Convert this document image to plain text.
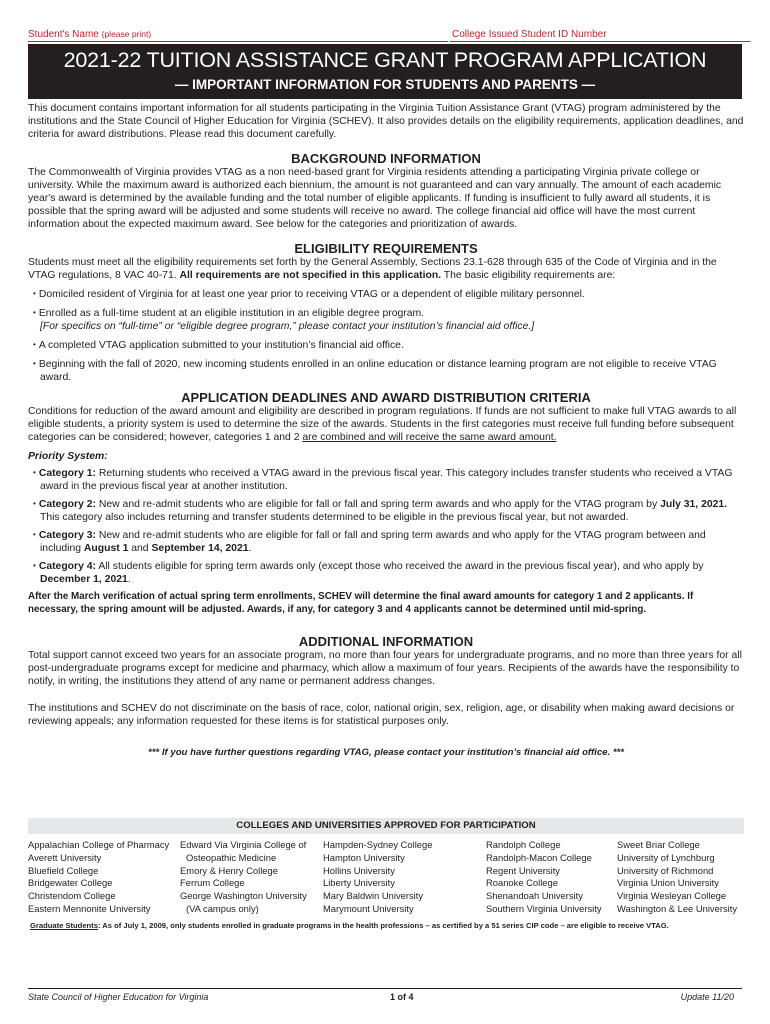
Student's Name (please print)	College Issued Student ID Number
2021-22 TUITION ASSISTANCE GRANT PROGRAM APPLICATION
— IMPORTANT INFORMATION FOR STUDENTS AND PARENTS —

This document contains important information for all students participating in the Virginia Tuition Assistance Grant (VTAG) program administered by the institutions and the State Council of Higher Education for Virginia (SCHEV). It also provides details on the eligibility requirements, application deadlines, and criteria for award distributions. Please read this document carefully.

BACKGROUND INFORMATION

The Commonwealth of Virginia provides VTAG as a non need-based grant for Virginia residents attending a participating Virginia private college or university. While the maximum award is authorized each biennium, the amount is not guaranteed and can vary annually. The amount of each academic year's award is determined by the available funding and the total number of eligible applicants. If funding is insufficient to fully award all students, it is possible that the spring award will be adjusted and some students will receive no award. The college financial aid office will have the most current information about the expected maximum award. See below for the categories and prioritization of awards.

ELIGIBILITY REQUIREMENTS

Students must meet all the eligibility requirements set forth by the General Assembly, Sections 23.1-628 through 635 of the Code of Virginia and in the VTAG regulations, 8 VAC 40-71. All requirements are not specified in this application. The basic eligibility requirements are:

• Domiciled resident of Virginia for at least one year prior to receiving VTAG or a dependent of eligible military personnel.

• Enrolled as a full-time student at an eligible institution in an eligible degree program.

[For specifics on “full-time” or “eligible degree program,” please contact your institution’s financial aid office.]

• A completed VTAG application submitted to your institution’s financial aid office.

• Beginning with the fall of 2020, new incoming students enrolled in an online education or distance learning program are not eligible to receive VTAG award.

APPLICATION DEADLINES AND AWARD DISTRIBUTION CRITERIA

Conditions for reduction of the award amount and eligibility are described in program regulations. If funds are not sufficient to make full VTAG awards to all eligible students, a priority system is used to determine the size of the awards. Students in the first categories must receive full funding before subsequent categories can be considered; however, categories 1 and 2 are combined and will receive the same award amount.

Priority System:

• Category 1: Returning students who received a VTAG award in the previous fiscal year. This category includes transfer students who received a VTAG award in the previous fiscal year at another institution.

• Category 2: New and re-admit students who are eligible for fall or fall and spring term awards and who apply for the VTAG program by July 31, 2021. This category also includes returning and transfer students determined to be eligible in the previous fiscal year, but not awarded.

• Category 3: New and re-admit students who are eligible for fall or fall and spring term awards and who apply for the VTAG program between and including August 1 and September 14, 2021.

• Category 4: All students eligible for spring term awards only (except those who received the award in the previous fiscal year), and who apply by December 1, 2021.

After the March verification of actual spring term enrollments, SCHEV will determine the final award amounts for category 1 and 2 applicants. If necessary, the spring amount will be adjusted. Awards, if any, for category 3 and 4 applicants cannot be determined until mid-spring.

ADDITIONAL INFORMATION

Total support cannot exceed two years for an associate program, no more than four years for undergraduate programs, and no more than three years for all post-undergraduate programs except for medicine and pharmacy, which allow a maximum of four years. Recipients of the awards have the responsibility to notify, in writing, the institutions they attend of any name or permanent address changes.

The institutions and SCHEV do not discriminate on the basis of race, color, national origin, sex, religion, age, or disability when making award decisions or reviewing appeals; any information requested for these items is for statistical purposes only.

*** If you have further questions regarding VTAG, please contact your institution’s financial aid office. ***

COLLEGES AND UNIVERSITIES APPROVED FOR PARTICIPATION
Appalachian College of Pharmacy
Averett University
Bluefield College
Bridgewater College
Christendom College
Eastern Mennonite University
Edward Via Virginia College of
Osteopathic Medicine
Emory & Henry College
Ferrum College
George Washington University
(VA campus only)
Hampden-Sydney College
Hampton University
Hollins University
Liberty University
Mary Baldwin University
Marymount University
Randolph College
Randolph-Macon College
Regent University
Roanoke College
Shenandoah University
Southern Virginia University
Sweet Briar College
University of Lynchburg
University of Richmond
Virginia Union University
Virginia Wesleyan College
Washington & Lee University

Graduate Students: As of July 1, 2009, only students enrolled in graduate programs in the health professions – as certified by a 51 series CIP code – are eligible to receive VTAG.

State Council of Higher Education for Virginia	1 of 4	Update 11/20
